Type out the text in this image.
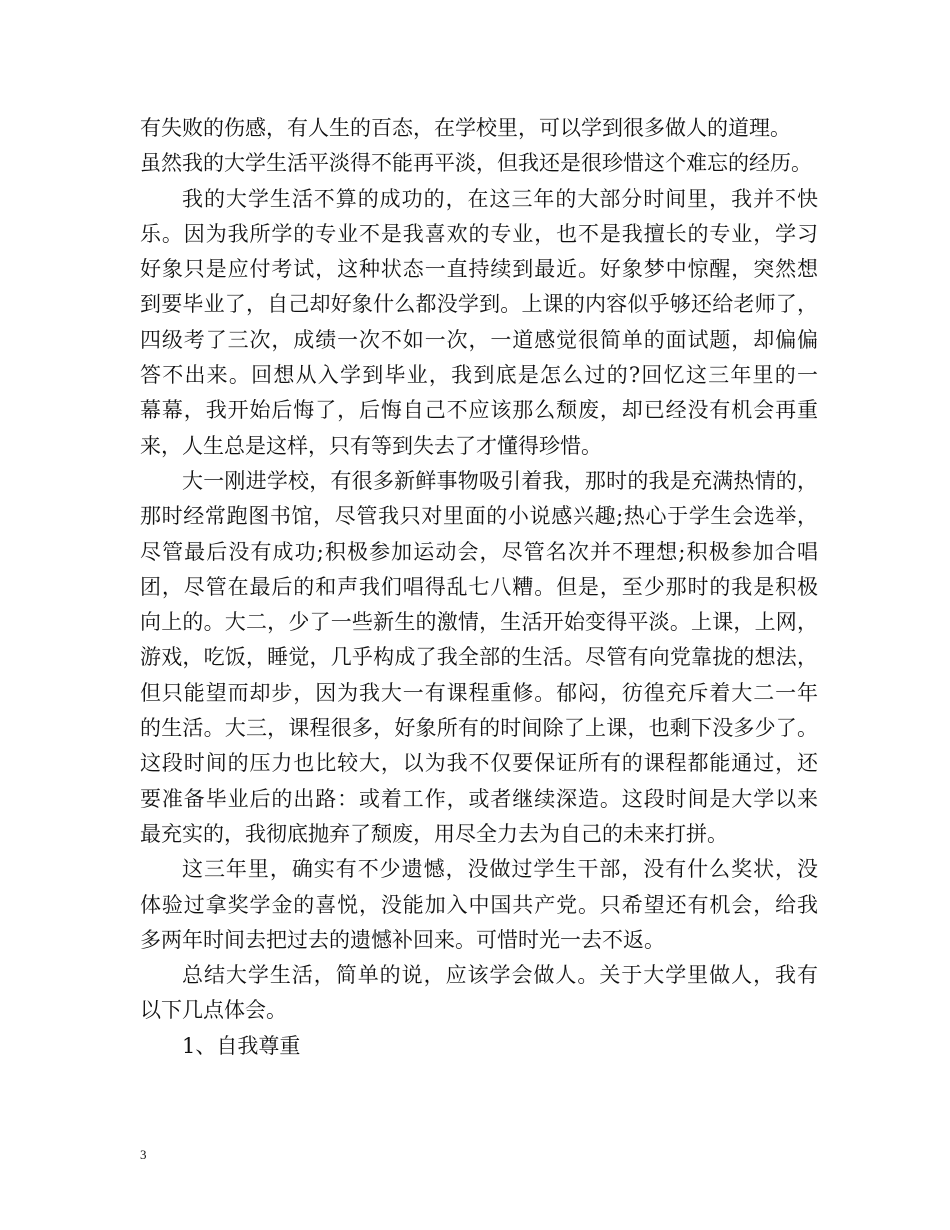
有失败的伤感，有人生的百态，在学校里，可以学到很多做人的道理。
虽然我的大学生活平淡得不能再平淡，但我还是很珍惜这个难忘的经历。
我的大学生活不算的成功的，在这三年的大部分时间里，我并不快
乐。因为我所学的专业不是我喜欢的专业，也不是我擅长的专业，学习
好象只是应付考试，这种状态一直持续到最近。好象梦中惊醒，突然想
到要毕业了，自己却好象什么都没学到。上课的内容似乎够还给老师了，
四级考了三次，成绩一次不如一次，一道感觉很简单的面试题，却偏偏
答不出来。回想从入学到毕业，我到底是怎么过的?回忆这三年里的一
幕幕，我开始后悔了，后悔自己不应该那么颓废，却已经没有机会再重
来，人生总是这样，只有等到失去了才懂得珍惜。
大一刚进学校，有很多新鲜事物吸引着我，那时的我是充满热情的，
那时经常跑图书馆，尽管我只对里面的小说感兴趣;热心于学生会选举，
尽管最后没有成功;积极参加运动会，尽管名次并不理想;积极参加合唱
团，尽管在最后的和声我们唱得乱七八糟。但是，至少那时的我是积极
向上的。大二，少了一些新生的激情，生活开始变得平淡。上课，上网，
游戏，吃饭，睡觉，几乎构成了我全部的生活。尽管有向党靠拢的想法，
但只能望而却步，因为我大一有课程重修。郁闷，彷徨充斥着大二一年
的生活。大三，课程很多，好象所有的时间除了上课，也剩下没多少了。
这段时间的压力也比较大，以为我不仅要保证所有的课程都能通过，还
要准备毕业后的出路：或着工作，或者继续深造。这段时间是大学以来
最充实的，我彻底抛弃了颓废，用尽全力去为自己的未来打拼。
这三年里，确实有不少遗憾，没做过学生干部，没有什么奖状，没
体验过拿奖学金的喜悦，没能加入中国共产党。只希望还有机会，给我
多两年时间去把过去的遗憾补回来。可惜时光一去不返。
总结大学生活，简单的说，应该学会做人。关于大学里做人，我有
以下几点体会。
1、自我尊重
3
